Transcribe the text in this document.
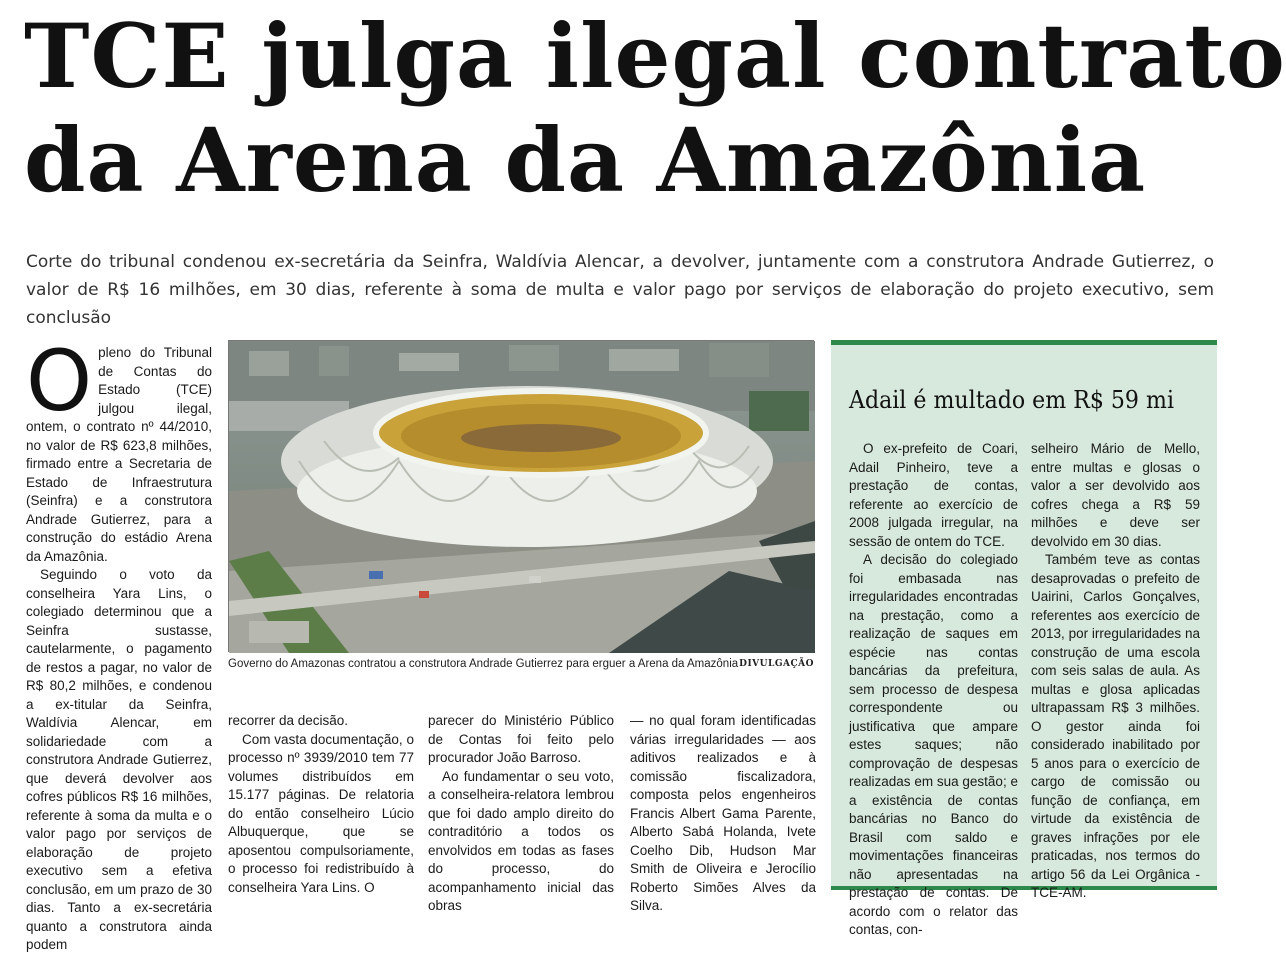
TCE julga ilegal contrato
da Arena da Amazônia

Corte do tribunal condenou ex-secretária da Seinfra, Waldívia Alencar, a devolver, juntamente com a construtora Andrade Gutierrez, o valor de R$ 16 milhões, em 30 dias, referente à soma de multa e valor pago por serviços de elaboração do projeto executivo, sem conclusão

Opleno do Tribunal de Contas do Estado (TCE) julgou ilegal, ontem, o contrato nº 44/2010, no valor de R$ 623,8 milhões, firmado entre a Secretaria de Estado de Infraestrutura (Seinfra) e a construtora Andrade Gutierrez, para a construção do estádio Arena da Amazônia.

Seguindo o voto da conselheira Yara Lins, o colegiado determinou que a Seinfra sustasse, cautelarmente, o pagamento de restos a pagar, no valor de R$ 80,2 milhões, e condenou a ex-titular da Seinfra, Waldívia Alencar, em solidariedade com a construtora Andrade Gutierrez, que deverá devolver aos cofres públicos R$ 16 milhões, referente à soma da multa e o valor pago por serviços de elaboração de projeto executivo sem a efetiva conclusão, em um prazo de 30 dias. Tanto a ex-secretária quanto a construtora ainda podem

Governo do Amazonas contratou a construtora Andrade Gutierrez para erguer a Arena da Amazônia DIVULGAÇÃO

recorrer da decisão.

Com vasta documentação, o processo nº 3939/2010 tem 77 volumes distribuídos em 15.177 páginas. De relatoria do então conselheiro Lúcio Albuquerque, que se aposentou compulsoriamente, o processo foi redistribuído à conselheira Yara Lins. O

parecer do Ministério Público de Contas foi feito pelo procurador João Barroso.

Ao fundamentar o seu voto, a conselheira-relatora lembrou que foi dado amplo direito do contraditório a todos os envolvidos em todas as fases do processo, do acompanhamento inicial das obras

— no qual foram identificadas várias irregularidades — aos aditivos realizados e à comissão fiscalizadora, composta pelos engenheiros Francis Albert Gama Parente, Alberto Sabá Holanda, Ivete Coelho Dib, Hudson Mar Smith de Oliveira e Jerocílio Roberto Simões Alves da Silva.

Adail é multado em R$ 59 mi

O ex-prefeito de Coari, Adail Pinheiro, teve a prestação de contas, referente ao exercício de 2008 julgada irregular, na sessão de ontem do TCE.

A decisão do colegiado foi embasada nas irregularidades encontradas na prestação, como a realização de saques em espécie nas contas bancárias da prefeitura, sem processo de despesa correspondente ou justificativa que ampare estes saques; não comprovação de despesas realizadas em sua gestão; e a existência de contas bancárias no Banco do Brasil com saldo e movimentações financeiras não apresentadas na prestação de contas. De acordo com o relator das contas, con-

selheiro Mário de Mello, entre multas e glosas o valor a ser devolvido aos cofres chega a R$ 59 milhões e deve ser devolvido em 30 dias.

Também teve as contas desaprovadas o prefeito de Uairini, Carlos Gonçalves, referentes aos exercício de 2013, por irregularidades na construção de uma escola com seis salas de aula. As multas e glosa aplicadas ultrapassam R$ 3 milhões. O gestor ainda foi considerado inabilitado por 5 anos para o exercício de cargo de comissão ou função de confiança, em virtude da existência de graves infrações por ele praticadas, nos termos do artigo 56 da Lei Orgânica - TCE-AM.
